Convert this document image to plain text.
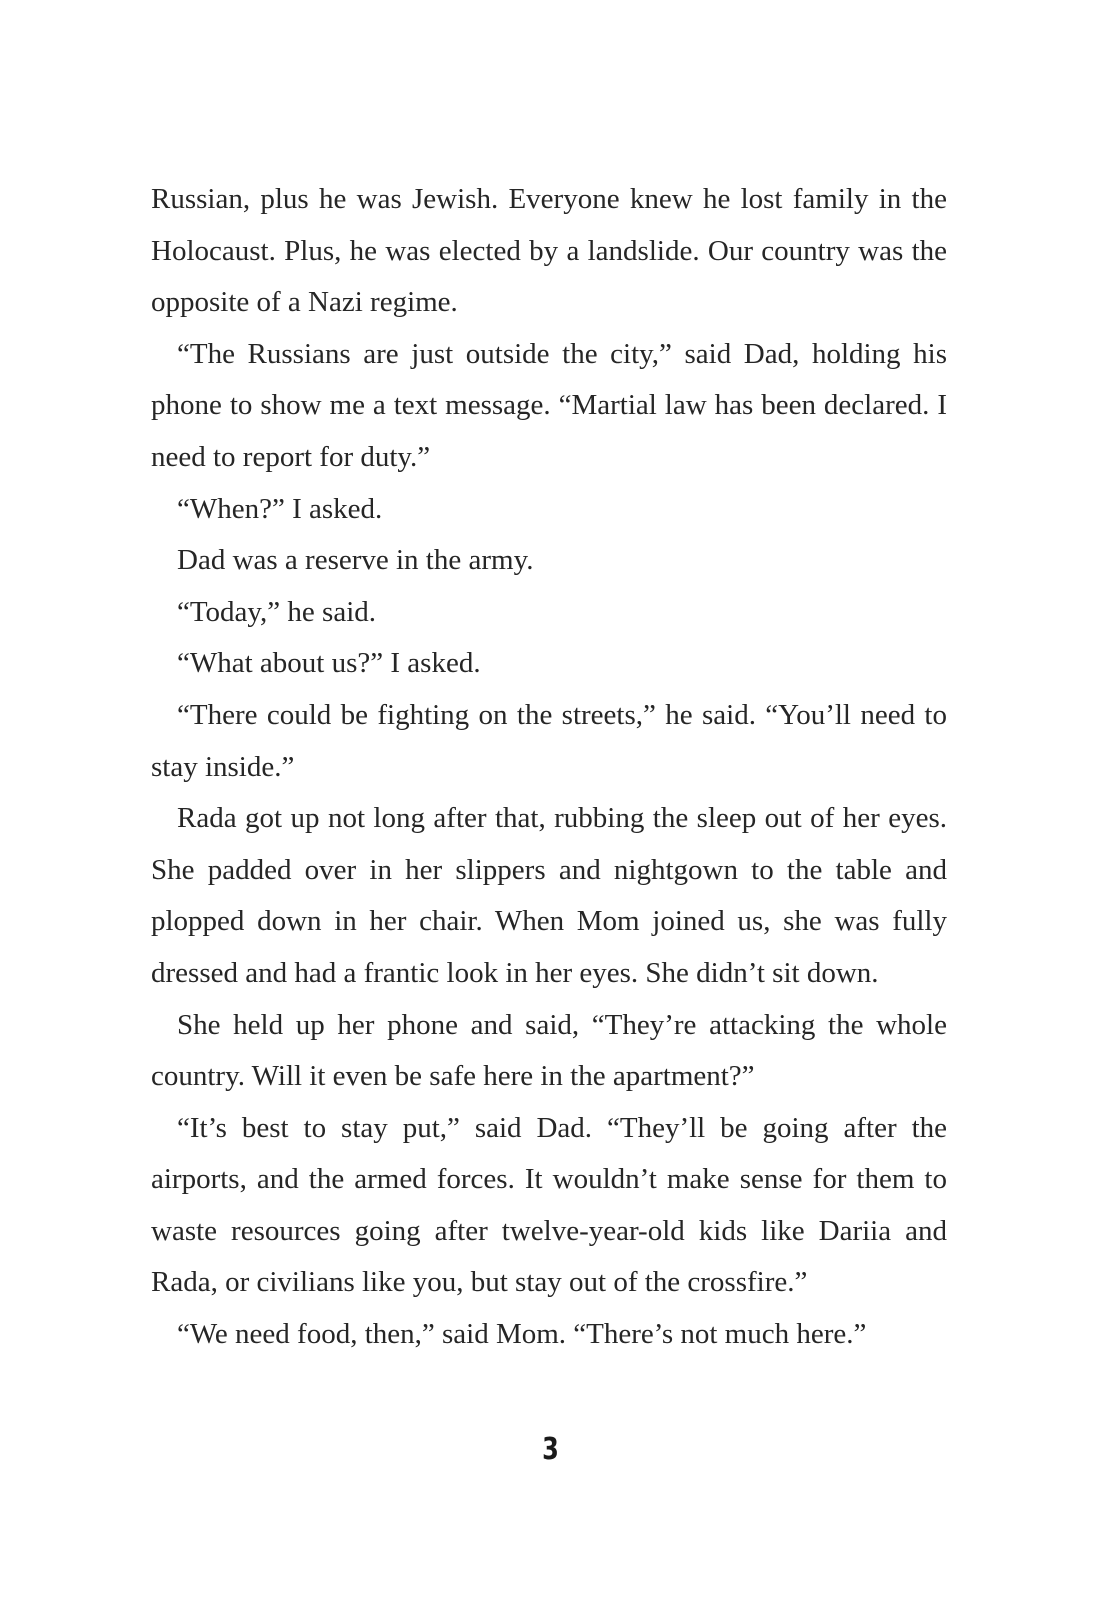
Russian, plus he was Jewish. Everyone knew he lost family in the Holocaust. Plus, he was elected by a landslide. Our country was the opposite of a Nazi regime.

“The Russians are just outside the city,” said Dad, holding his phone to show me a text message. “Martial law has been declared. I need to report for duty.”

“When?” I asked.

Dad was a reserve in the army.

“Today,” he said.

“What about us?” I asked.

“There could be fighting on the streets,” he said. “You’ll need to stay inside.”

Rada got up not long after that, rubbing the sleep out of her eyes. She padded over in her slippers and nightgown to the table and plopped down in her chair. When Mom joined us, she was fully dressed and had a frantic look in her eyes. She didn’t sit down.

She held up her phone and said, “They’re attacking the whole country. Will it even be safe here in the apartment?”

“It’s best to stay put,” said Dad. “They’ll be going after the airports, and the armed forces. It wouldn’t make sense for them to waste resources going after twelve-year-old kids like Dariia and Rada, or civilians like you, but stay out of the crossfire.”

“We need food, then,” said Mom. “There’s not much here.”

3
